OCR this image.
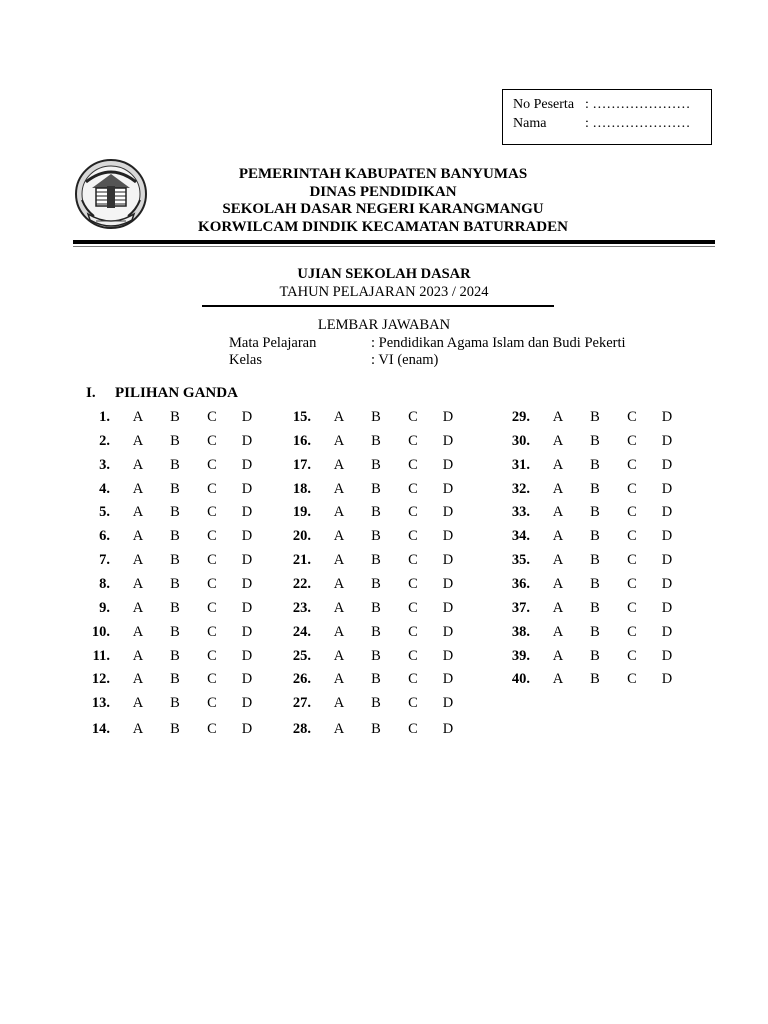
No Peserta : …………………
Nama	: …………………
PEMERINTAH KABUPATEN BANYUMAS
DINAS PENDIDIKAN
SEKOLAH DASAR NEGERI KARANGMANGU
KORWILCAM DINDIK KECAMATAN BATURRADEN
UJIAN SEKOLAH DASAR
TAHUN PELAJARAN 2023 / 2024
LEMBAR JAWABAN
Mata Pelajaran	: Pendidikan Agama Islam dan Budi Pekerti
Kelas	: VI (enam)
I. PILIHAN GANDA
1. A B C D
2. A B C D
3. A B C D
4. A B C D
5. A B C D
6. A B C D
7. A B C D
8. A B C D
9. A B C D
10. A B C D
11. A B C D
12. A B C D
13. A B C D
14. A B C D
15. A B C D
16. A B C D
17. A B C D
18. A B C D
19. A B C D
20. A B C D
21. A B C D
22. A B C D
23. A B C D
24. A B C D
25. A B C D
26. A B C D
27. A B C D
28. A B C D
29. A B C D
30. A B C D
31. A B C D
32. A B C D
33. A B C D
34. A B C D
35. A B C D
36. A B C D
37. A B C D
38. A B C D
39. A B C D
40. A B C D
